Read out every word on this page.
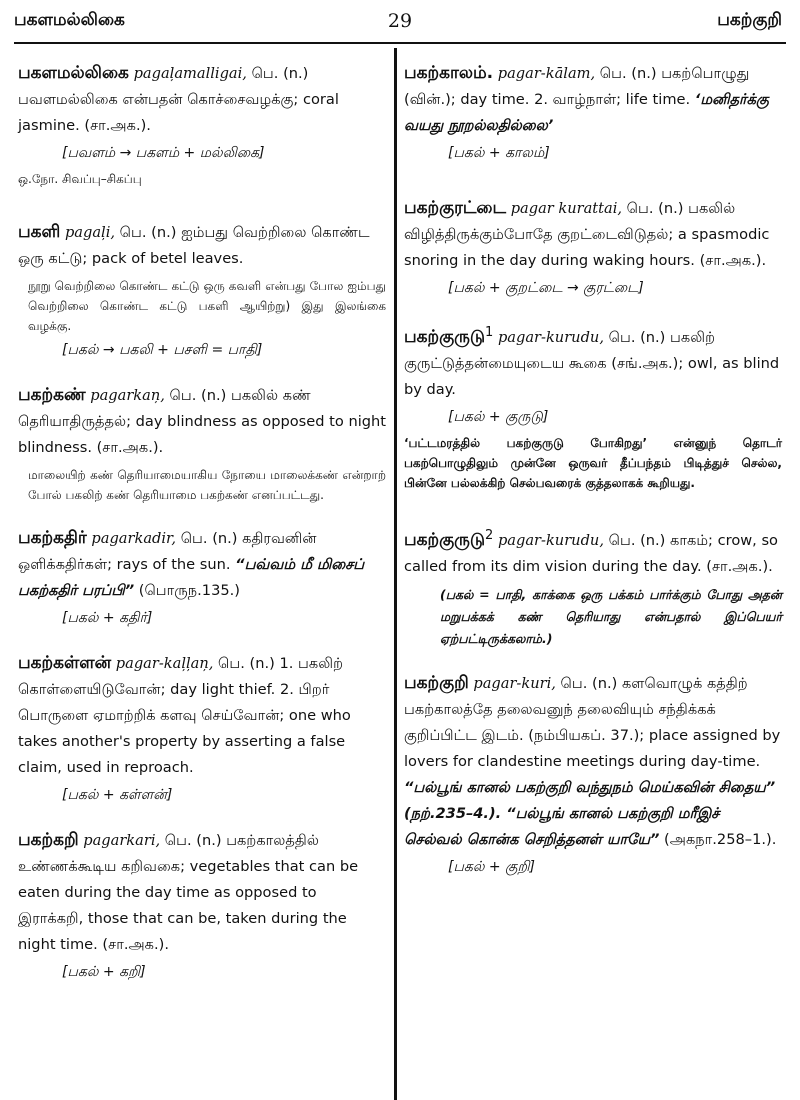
பகளமல்லிகை	29	பகற்குறி
பகளமல்லிகை pagaļamalligai, பெ. (n.) பவளமல்லிகை என்பதன் கொச்சைவழக்கு; coral jasmine. (சா.அக.).
[பவளம் → பகளம் + மல்லிகை]
ஒ.நோ. சிவப்பு–சிகப்பு
பகளி pagaļi, பெ. (n.) ஐம்பது வெற்றிலை கொண்ட ஒரு கட்டு; pack of betel leaves.
நூறு வெற்றிலை கொண்ட கட்டு ஒரு கவளி என்பது போல ஐம்பது வெற்றிலை கொண்ட கட்டு பகளி ஆயிற்று) இது இலங்கை வழக்கு.
[பகல் → பகலி + பசளி = பாதி]
பகற்கண் pagarkaņ, பெ. (n.) பகலில் கண் தெரியாதிருத்தல்; day blindness as opposed to night blindness. (சா.அக.).
மாலையிற் கண் தெரியாமையாகிய நோயை மாலைக்கண் என்றாற் போல் பகலிற் கண் தெரியாமை பகற்கண் எனப்பட்டது.
பகற்கதிர் pagarkadir, பெ. (n.) கதிரவனின் ஒளிக்கதிர்கள்; rays of the sun. “பவ்வம் மீ மிசைப் பகற்கதிர் பரப்பி” (பொருந.135.)
[பகல் + கதிர்]
பகற்கள்ளன் pagar-kaļļaņ, பெ. (n.) 1. பகலிற் கொள்ளையிடுவோன்; day light thief. 2. பிறர் பொருளை ஏமாற்றிக் களவு செய்வோன்; one who takes another's property by asserting a false claim, used in reproach.
[பகல் + கள்ளன்]
பகற்கறி pagarkari, பெ. (n.) பகற்காலத்தில் உண்ணக்கூடிய கறிவகை; vegetables that can be eaten during the day time as opposed to இராக்கறி, those that can be, taken during the night time. (சா.அக.).
[பகல் + கறி]
பகற்காலம். pagar-kālam, பெ. (n.) பகற்பொழுது (வின்.); day time. 2. வாழ்நாள்; life time. ‘மனிதர்க்கு வயது நூறல்லதில்லை’
[பகல் + காலம்]
பகற்குரட்டை pagar kurattai, பெ. (n.) பகலில் விழித்திருக்கும்போதே குறட்டைவிடுதல்; a spasmodic snoring in the day during waking hours. (சா.அக.).
[பகல் + குறட்டை → குரட்டை]
பகற்குருடு$^1$ pagar-kurudu, பெ. (n.) பகலிற் குருட்டுத்தன்மையுடைய கூகை (சங்.அக.); owl, as blind by day.
[பகல் + குருடு]
‘பட்டமரத்தில் பகற்குருடு போகிறது’ என்னுந் தொடர் பகற்பொழுதிலும் முன்னே ஒருவர் தீப்பந்தம் பிடித்துச் செல்ல, பின்னே பல்லக்கிற் செல்பவரைக் குத்தலாகக் கூறியது.
பகற்குருடு$^2$ pagar-kurudu, பெ. (n.) காகம்; crow, so called from its dim vision during the day. (சா.அக.).
(பகல் = பாதி, காக்கை ஒரு பக்கம் பார்க்கும் போது அதன் மறுபக்கக் கண் தெரியாது என்பதால் இப்பெயர் ஏற்பட்டிருக்கலாம்.)
பகற்குறி pagar-kuri, பெ. (n.) களவொழுக் கத்திற் பகற்காலத்தே தலைவனுந் தலைவியும் சந்திக்கக் குறிப்பிட்ட இடம். (நம்பியகப். 37.); place assigned by lovers for clandestine meetings during day-time. “பல்பூங் கானல் பகற்குறி வந்துநம் மெய்கவின் சிதைய” (நற்.235–4.). “பல்பூங் கானல் பகற்குறி மரீஇச் செல்வல் கொன்க செறித்தனள் யாயே” (அகநா.258–1.).
[பகல் + குறி]
